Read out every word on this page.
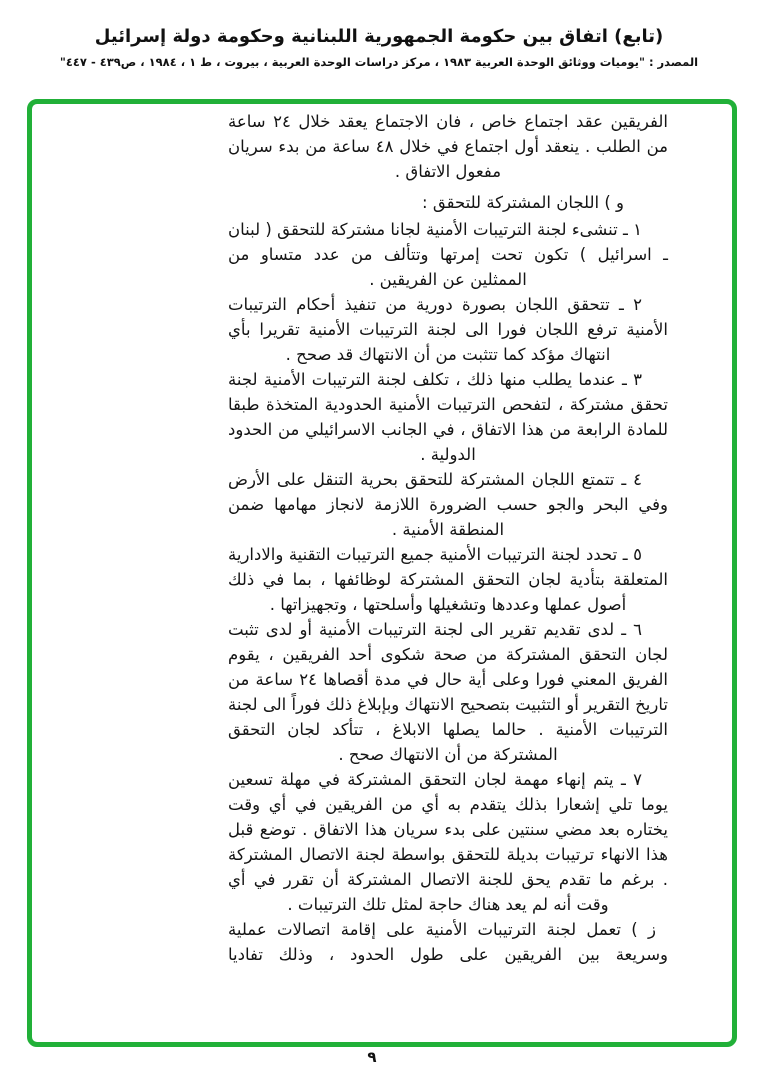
(تابع) اتفاق بين حكومة الجمهورية اللبنانية وحكومة دولة إسرائيل
المصدر : "يوميات ووثائق الوحدة العربية ١٩٨٣ ، مركز دراسات الوحدة العربية ، بيروت ، ط ١ ، ١٩٨٤ ، ص٤٣٩ - ٤٤٧"

الفريقين عقد اجتماع خاص ، فان الاجتماع يعقد خلال ٢٤ ساعة من الطلب . ينعقد أول اجتماع في خلال ٤٨ ساعة من بدء سريان مفعول الاتفاق .

و ) اللجان المشتركة للتحقق :

١ ـ تنشىء لجنة الترتيبات الأمنية لجانا مشتركة للتحقق ( لبنان ـ اسرائيل ) تكون تحت إمرتها وتتألف من عدد متساو من الممثلين عن الفريقين .

٢ ـ تتحقق اللجان بصورة دورية من تنفيذ أحكام الترتيبات الأمنية ترفع اللجان فورا الى لجنة الترتيبات الأمنية تقريرا بأي انتهاك مؤكد كما تتثبت من أن الانتهاك قد صحح .

٣ ـ عندما يطلب منها ذلك ، تكلف لجنة الترتيبات الأمنية لجنة تحقق مشتركة ، لتفحص الترتيبات الأمنية الحدودية المتخذة طبقا للمادة الرابعة من هذا الاتفاق ، في الجانب الاسرائيلي من الحدود الدولية .

٤ ـ تتمتع اللجان المشتركة للتحقق بحرية التنقل على الأرض وفي البحر والجو حسب الضرورة اللازمة لانجاز مهامها ضمن المنطقة الأمنية .

٥ ـ تحدد لجنة الترتيبات الأمنية جميع الترتيبات التقنية والادارية المتعلقة بتأدية لجان التحقق المشتركة لوظائفها ، بما في ذلك أصول عملها وعددها وتشغيلها وأسلحتها ، وتجهيزاتها .

٦ ـ لدى تقديم تقرير الى لجنة الترتيبات الأمنية أو لدى تثبت لجان التحقق المشتركة من صحة شكوى أحد الفريقين ، يقوم الفريق المعني فورا وعلى أية حال في مدة أقصاها ٢٤ ساعة من تاريخ التقرير أو التثبيت بتصحيح الانتهاك وبإبلاغ ذلك فوراً الى لجنة الترتيبات الأمنية . حالما يصلها الابلاغ ، تتأكد لجان التحقق المشتركة من أن الانتهاك صحح .

٧ ـ يتم إنهاء مهمة لجان التحقق المشتركة في مهلة تسعين يوما تلي إشعارا بذلك يتقدم به أي من الفريقين في أي وقت يختاره بعد مضي سنتين على بدء سريان هذا الاتفاق . توضع قبل هذا الانهاء ترتيبات بديلة للتحقق بواسطة لجنة الاتصال المشتركة . برغم ما تقدم يحق للجنة الاتصال المشتركة أن تقرر في أي وقت أنه لم يعد هناك حاجة لمثل تلك الترتيبات .

ز ) تعمل لجنة الترتيبات الأمنية على إقامة اتصالات عملية وسريعة بين الفريقين على طول الحدود ، وذلك تفاديا

٩
